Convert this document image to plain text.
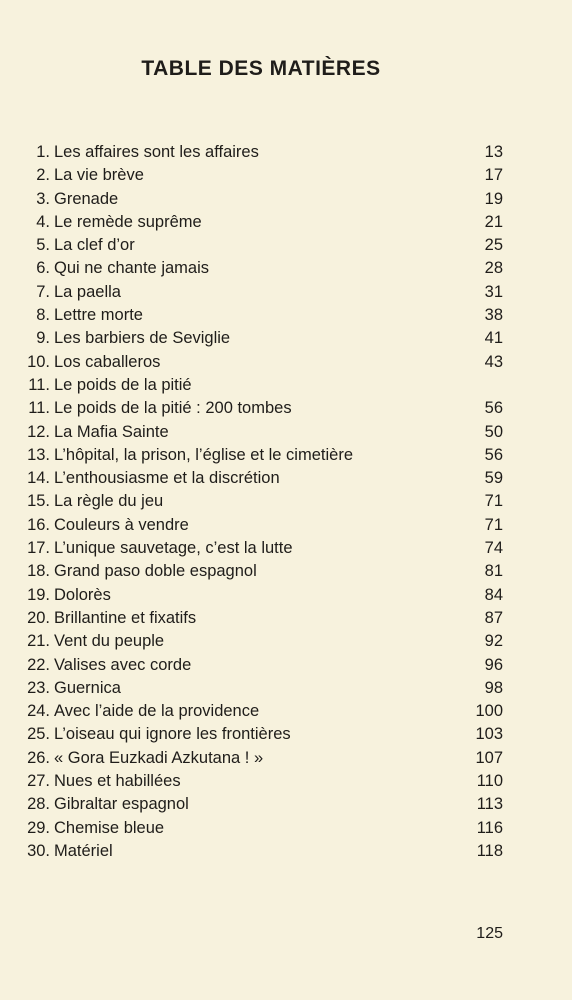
TABLE DES MATIÈRES
1. Les affaires sont les affaires	13
2. La vie brève	17
3. Grenade	19
4. Le remède suprême	21
5. La clef d’or	25
6. Qui ne chante jamais	28
7. La paella	31
8. Lettre morte	38
9. Les barbiers de Seviglie	41
10. Los caballeros	43
11. Le poids de la pitié
11. Le poids de la pitié : 200 tombes	56
12. La Mafia Sainte	50
13. L’hôpital, la prison, l’église et le cimetière	56
14. L’enthousiasme et la discrétion	59
15. La règle du jeu	71
16. Couleurs à vendre	71
17. L’unique sauvetage, c’est la lutte	74
18. Grand paso doble espagnol	81
19. Dolorès	84
20. Brillantine et fixatifs	87
21. Vent du peuple	92
22. Valises avec corde	96
23. Guernica	98
24. Avec l’aide de la providence	100
25. L’oiseau qui ignore les frontières	103
26. « Gora Euzkadi Azkutana ! »	107
27. Nues et habillées	110
28. Gibraltar espagnol	113
29. Chemise bleue	116
30. Matériel	118
125
